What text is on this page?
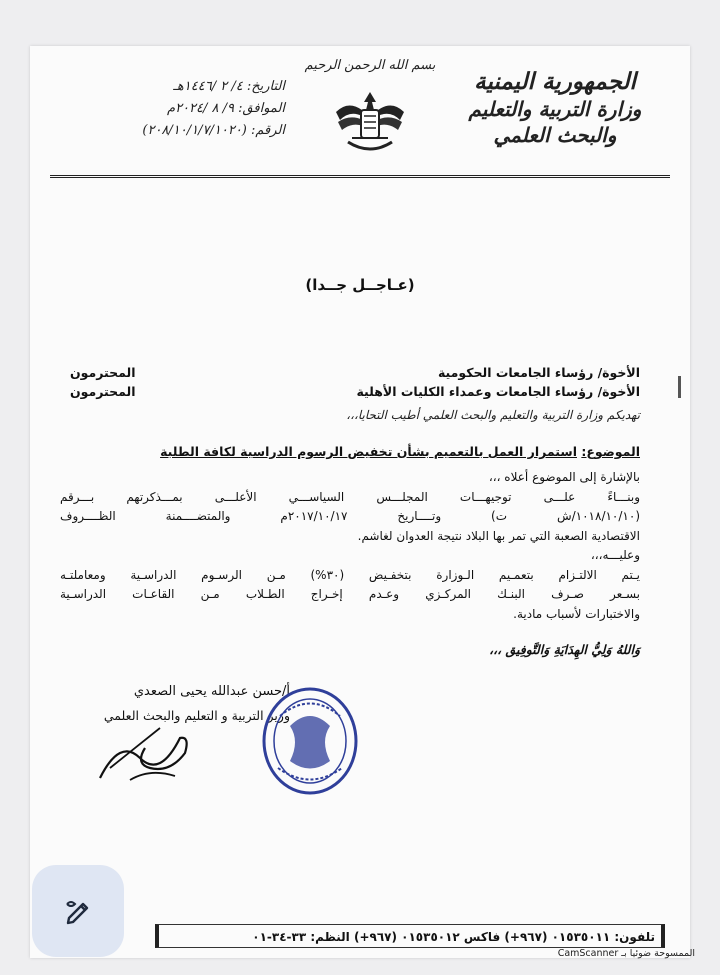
الجمهورية اليمنية
وزارة التربية والتعليم والبحث العلمي
بسم الله الرحمن الرحيم
التاريخ: ٤/ ٢ /١٤٤٦هـ
الموافق: ٩/ ٨ /٢٠٢٤م
الرقم: (٢٠٨/١٠/١/٧/١٠٢٠)
(عـاجــل جــدا)
الأخوة/ رؤساء الجامعات الحكومية
المحترمون
الأخوة/ رؤساء الجامعات وعمداء الكليات الأهلية
المحترمون
تهديكم وزارة التربية والتعليم والبحث العلمي أطيب التحايا،،،
الموضوع: استمرار العمل بالتعميم بشأن تخفيض الرسوم الدراسية لكافة الطلبة
بالإشارة إلى الموضوع أعلاه ،،،
وبنـــاءً علـــى توجيهـــات المجلـــس السياســـي الأعلـــى بمـــذكرتهم بـــرقم
(١٠١٨/١٠/١٠/ش ت) وتــــاريخ ٢٠١٧/١٠/١٧م والمتضــــمنة الظــــروف
الاقتصادية الصعبة التي تمر بها البلاد نتيجة العدوان لغاشم.
وعليـــه،،،
يـتم الالتـزام بتعمـيم الـوزارة بتخفـيض (٣٠%) مـن الرسـوم الدراسـية ومعاملتـه
بسـعر صـرف البنـك المركـزي وعـدم إخـراج الطـلاب مـن القاعـات الدراسـية
والاختبارات لأسباب مادية.
وَاللهُ وَلِيُّ الهِدَايَةِ وَالتَّوفِيق ،،،
أ/حسن عبدالله يحيى الصعدي
وزير التربية و التعليم والبحث العلمي
تلفون: ٠١٥٣٥٠١١ (٩٦٧+) فاكس ٠١٥٣٥٠١٢ (٩٦٧+) النظم: ٣٣-٣٤-٠١
الممسوحة ضوئيا بـ CamScanner
